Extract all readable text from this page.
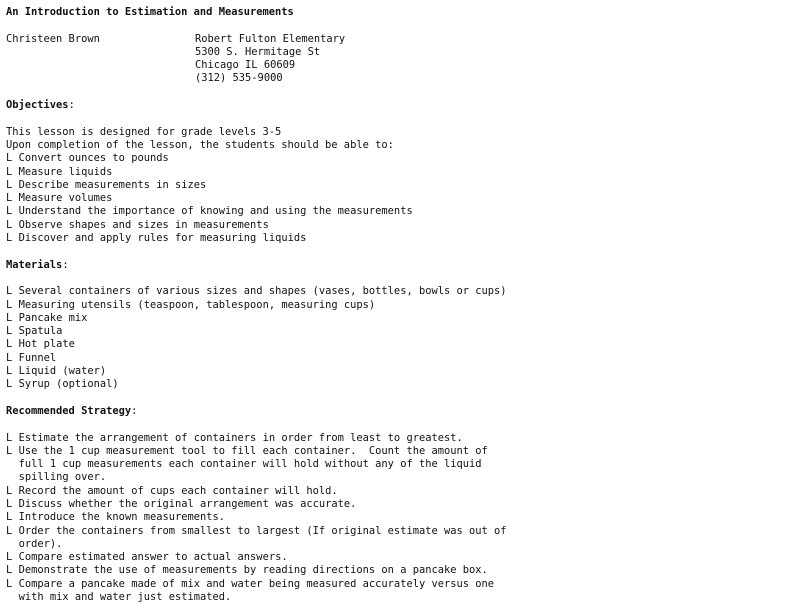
An Introduction to Estimation and Measurements
Christeen Brown	Robert Fulton Elementary
5300 S. Hermitage St
Chicago IL 60609
(312) 535-9000
Objectives:
This lesson is designed for grade levels 3-5
Upon completion of the lesson, the students should be able to:
L Convert ounces to pounds
L Measure liquids
L Describe measurements in sizes
L Measure volumes
L Understand the importance of knowing and using the measurements
L Observe shapes and sizes in measurements
L Discover and apply rules for measuring liquids
Materials:
L Several containers of various sizes and shapes (vases, bottles, bowls or cups)
L Measuring utensils (teaspoon, tablespoon, measuring cups)
L Pancake mix
L Spatula
L Hot plate
L Funnel
L Liquid (water)
L Syrup (optional)
Recommended Strategy:
L Estimate the arrangement of containers in order from least to greatest.
L Use the 1 cup measurement tool to fill each container.  Count the amount of
full 1 cup measurements each container will hold without any of the liquid
spilling over.
L Record the amount of cups each container will hold.
L Discuss whether the original arrangement was accurate.
L Introduce the known measurements.
L Order the containers from smallest to largest (If original estimate was out of
order).
L Compare estimated answer to actual answers.
L Demonstrate the use of measurements by reading directions on a pancake box.
L Compare a pancake made of mix and water being measured accurately versus one
with mix and water just estimated.
